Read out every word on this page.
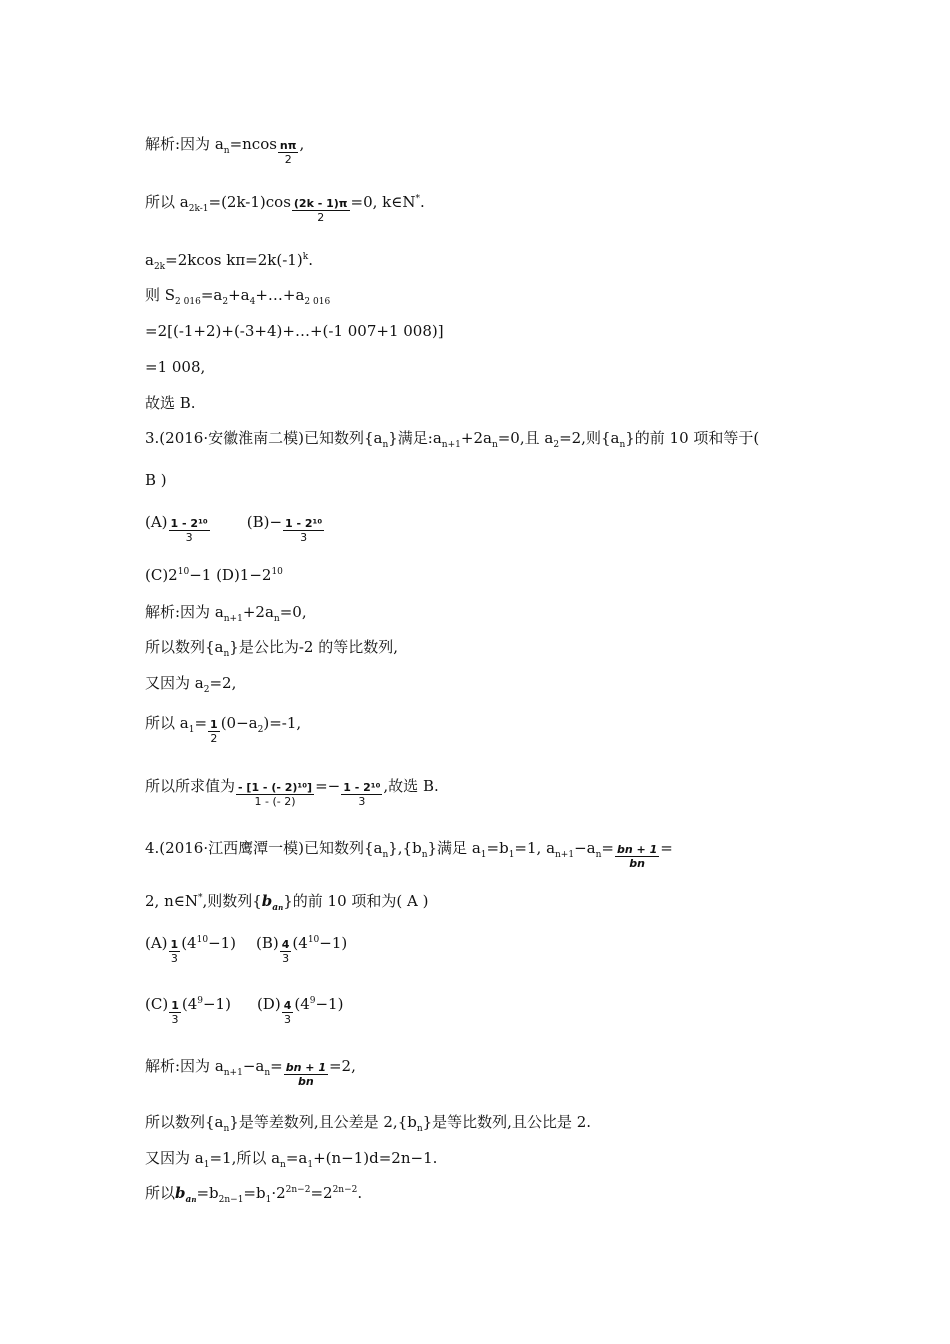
解析:因为 $a_n=ncos \frac{n\pi}{2}$ ,
所以 $a_{2k-1}=(2k-1)\cos \frac{(2k - 1)\pi}{2} =0$, k∈N*.
$a_{2k}=2kcos$ $k\pi=2k(-1)^k$.
则 $S_{2 016}=a_2+a_4+\dots+a_{2 016}$
=2[(-1+2)+(-3+4)+…+(-1 007+1 008)]
=1 008,
故选 B.
3.(2016·安徽淮南二模)已知数列$\{a_n\}$满足$:a_{n+1}+2a_n=0$,且 $a_2=2$,则$\{a_n\}$的前 10 项和等于(
B )
$(A) \frac{\text{1 - 2¹⁰}}{3} (B)- \frac{\text{1 - 2¹⁰}}{3}$
$(C)2^{10}-1$ $(D)1-2^{10}$
解析:因为 $a_{n+1}+2a_n=0$,
所以数列$\{a_n\}$是公比为-2 的等比数列,
又因为 $a_2=2$,
所以 $a_1= \frac{1}{2} (0-a_2)=-1$,
所以所求值为 $\frac{\text{- [1 - (- 2)¹⁰]}}{1 - (- 2)} =- \frac{\text{1 - 2¹⁰}}{3}$ ,故选 B.
4.(2016·江西鹰潭一模)已知数列$\{a_n\},\{b_n\}$满足 $a_1=b_1=1$, $a_{n+1}-a_n= \frac{bn + 1}{bn}$ =
2, n∈N*,则数列$\{b_{an}\}$的前 10 项和为( A )
$(A) \frac{1}{3} (4^{10}-1)$ $(B) \frac{4}{3} (4^{10}-1)$
$(C) \frac{1}{3} (4^9-1)$ $(D) \frac{4}{3} (4^9-1)$
解析:因为 $a_{n+1}-a_n= \frac{bn + 1}{bn} =2$,
所以数列$\{a_n\}$是等差数列,且公差是 $2,\{b_n\}$是等比数列,且公比是 2.
又因为 $a_1=1$,所以 $a_n=a_1+(n-1)d=2n-1$.
所以$b_{an}=b_{2n-1}=b_1\cdot 2^{2n-2}=2^{2n-2}$.
